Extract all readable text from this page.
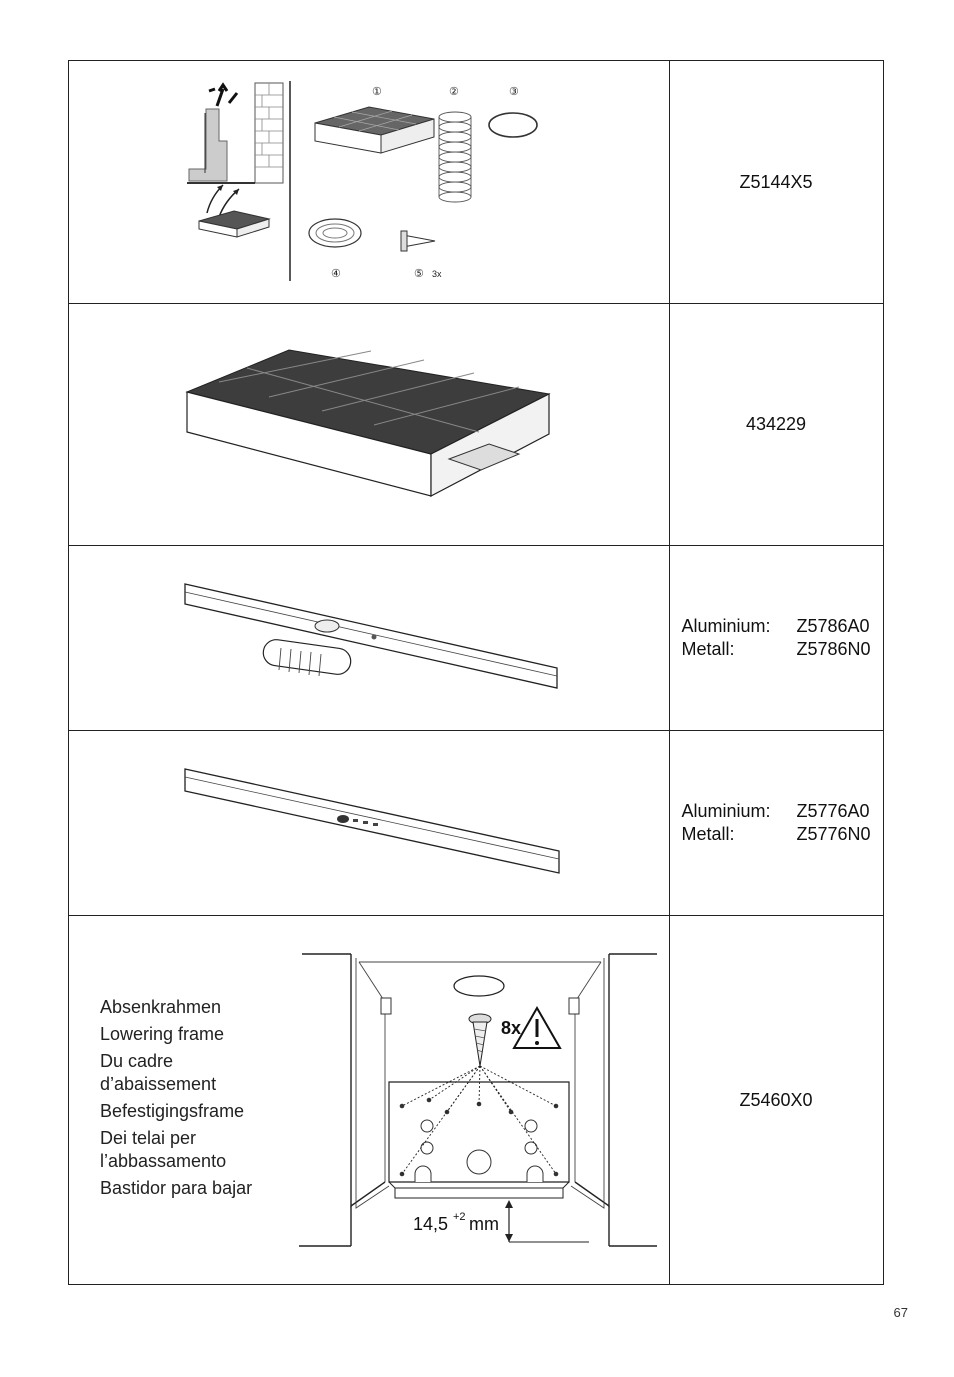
①	②	③
④	⑤ 3x
Z5144X5
434229
Aluminium: Z5786A0
Metall:	Z5786N0
Aluminium: Z5776A0
Metall:	Z5776N0
Absenkrahmen
Lowering frame
Du cadre d’abaissement
Befestigingsframe
Dei telai per l’abbassamento
Bastidor para bajar
8x
14,5 +2 mm
Z5460X0
67
